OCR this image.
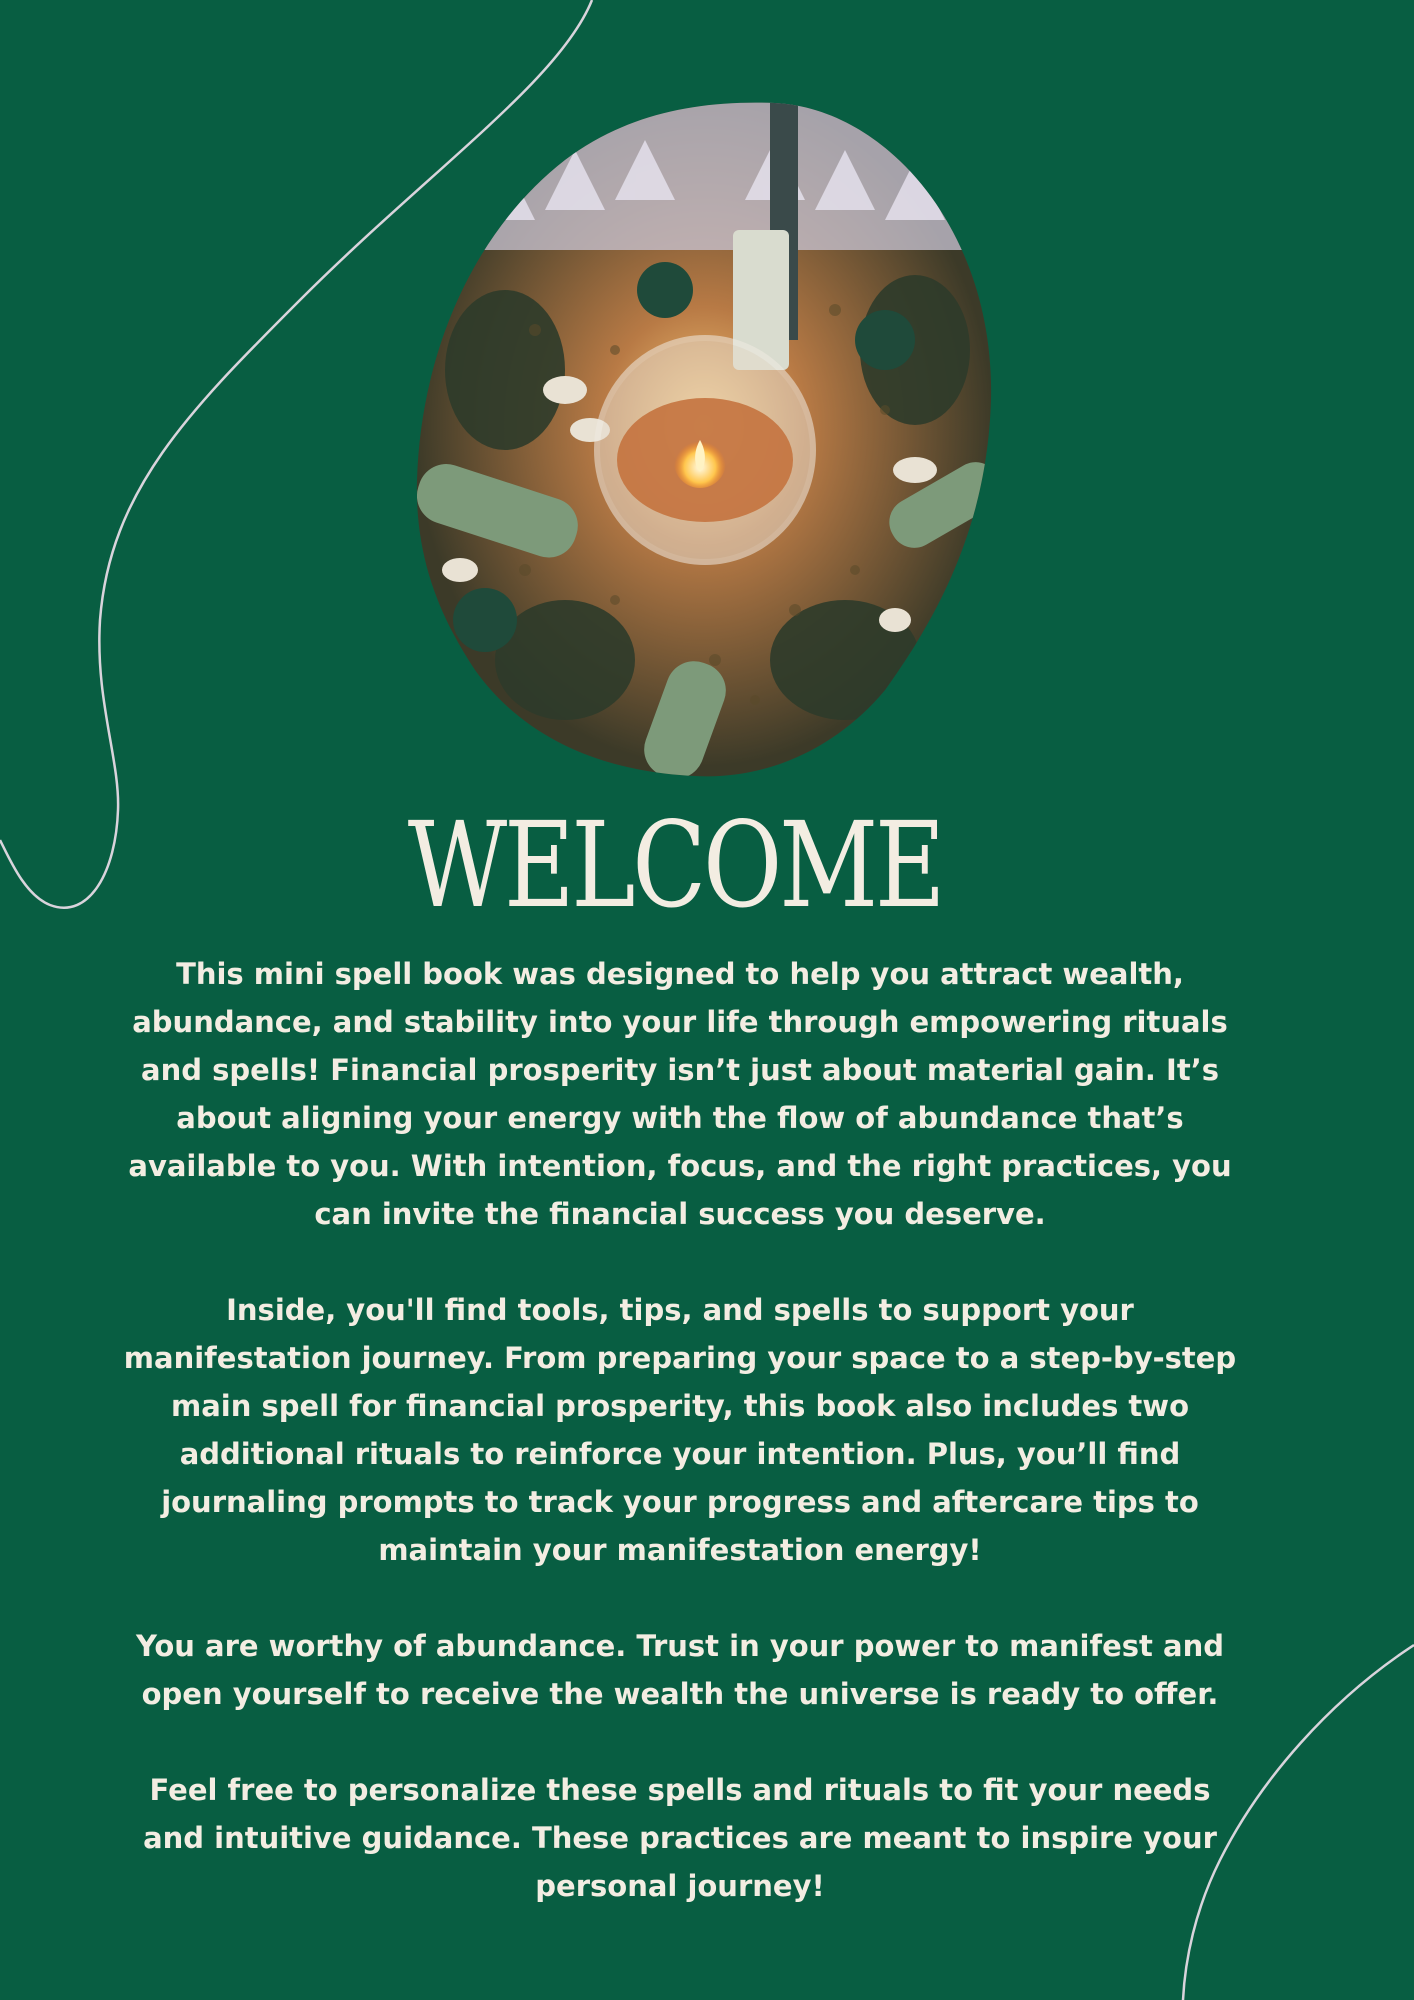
WELCOME

This mini spell book was designed to help you attract wealth, abundance, and stability into your life through empowering rituals and spells! Financial prosperity isn’t just about material gain. It’s about aligning your energy with the flow of abundance that’s available to you. With intention, focus, and the right practices, you can invite the financial success you deserve.

Inside, you'll find tools, tips, and spells to support your manifestation journey. From preparing your space to a step-by-step main spell for financial prosperity, this book also includes two additional rituals to reinforce your intention. Plus, you’ll find journaling prompts to track your progress and aftercare tips to maintain your manifestation energy!

You are worthy of abundance. Trust in your power to manifest and open yourself to receive the wealth the universe is ready to offer.

Feel free to personalize these spells and rituals to fit your needs and intuitive guidance. These practices are meant to inspire your personal journey!
